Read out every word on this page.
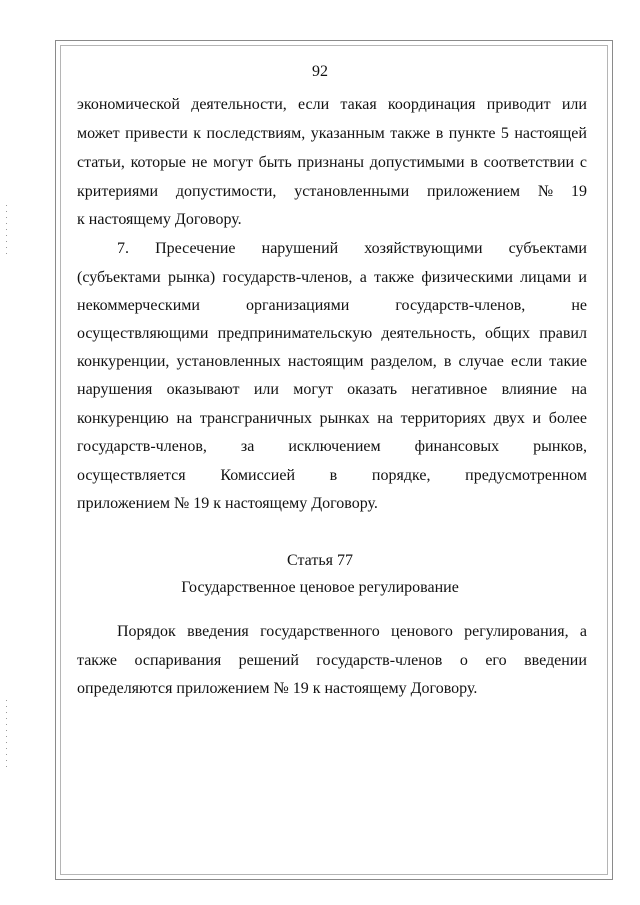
92
экономической деятельности, если такая координация приводит или
может привести к последствиям, указанным также в пункте 5 настоящей
статьи, которые не могут быть признаны допустимыми в соответствии с
критериями допустимости, установленными приложением № 19
к настоящему Договору.
7. Пресечение нарушений хозяйствующими субъектами
(субъектами рынка) государств-членов, а также физическими лицами и
некоммерческими	организациями	государств-членов,	не
осуществляющими предпринимательскую деятельность, общих правил
конкуренции, установленных настоящим разделом, в случае если такие
нарушения оказывают или могут оказать негативное влияние на
конкуренцию на трансграничных рынках на территориях двух и более
государств-членов, за исключением финансовых рынков,
осуществляется Комиссией в порядке, предусмотренном
приложением № 19 к настоящему Договору.
Статья 77
Государственное ценовое регулирование
Порядок введения государственного ценового регулирования, а
также оспаривания решений государств-членов о его введении
определяются приложением № 19 к настоящему Договору.
